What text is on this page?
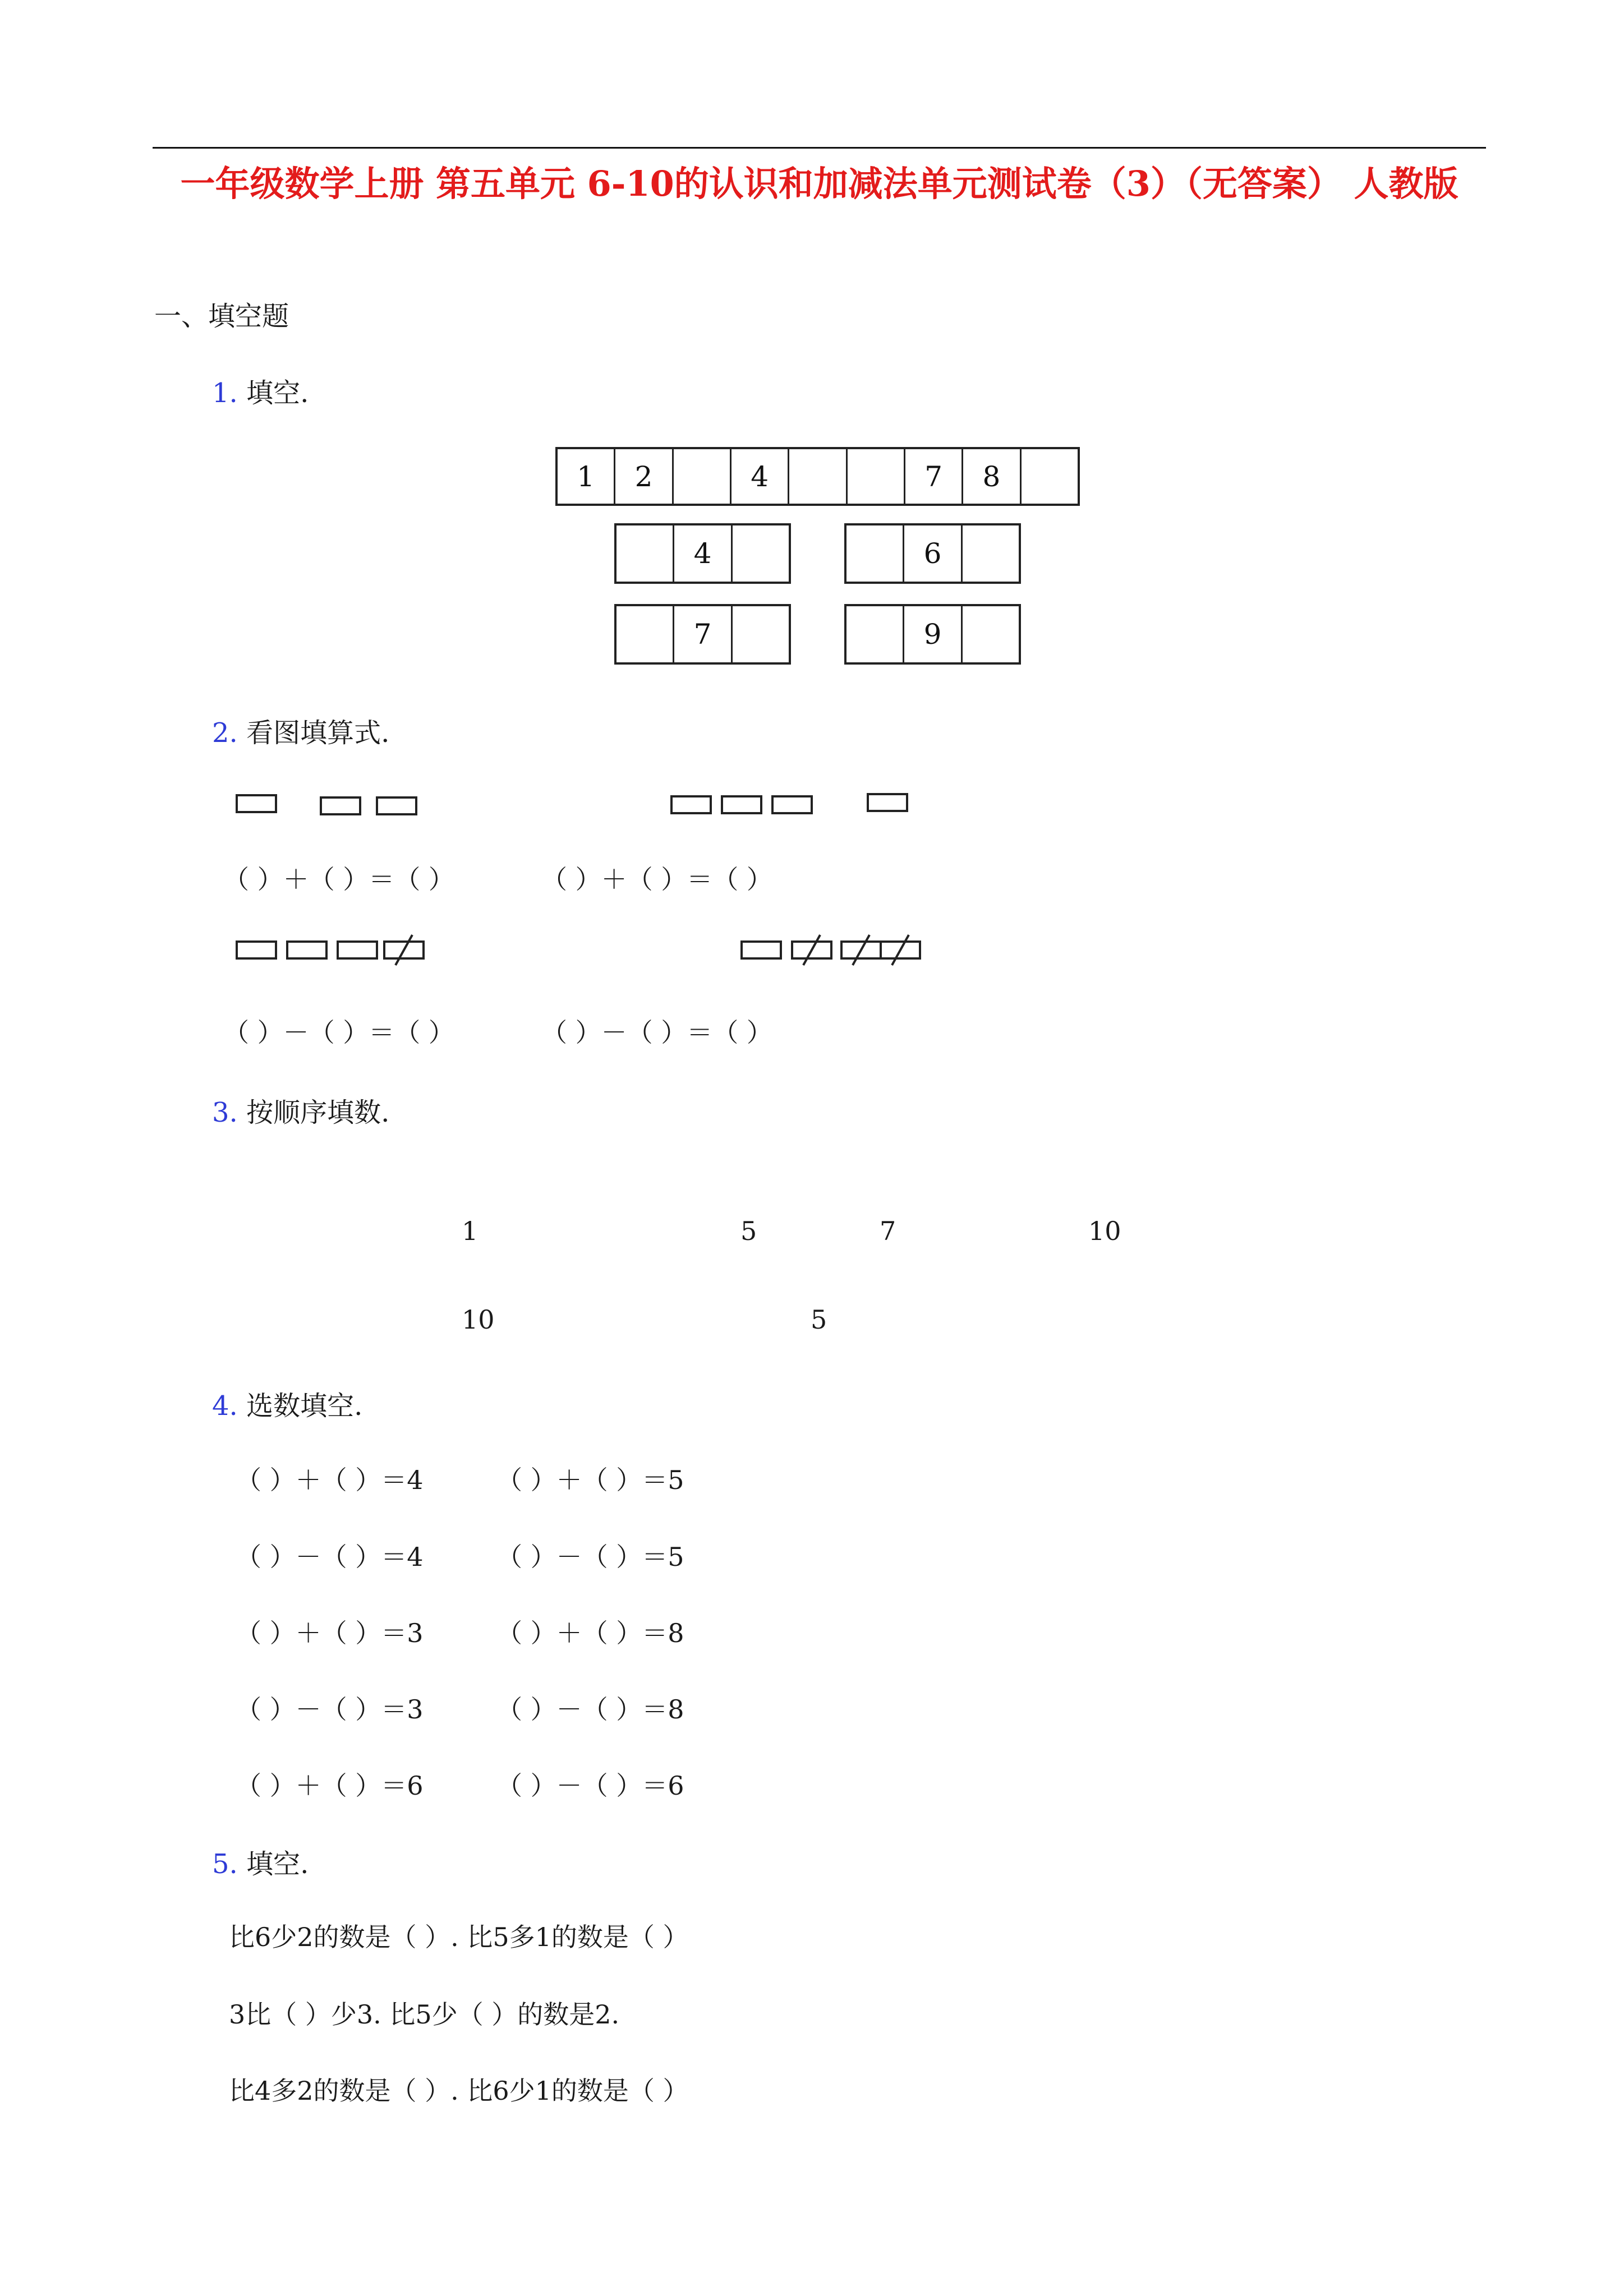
一年级数学上册 第五单元 6-10的认识和加减法单元测试卷（3）（无答案） 人教版
一、填空题
1. 填空.
1	2	4	7	8
4	6
7	9
2. 看图填算式.
（ ）＋（ ）＝（ ）	（ ）＋（ ）＝（ ）
（ ）－（ ）＝（ ）	（ ）－（ ）＝（ ）
3. 按顺序填数.
1	5	7	10
10	5
4. 选数填空.
（ ）＋（ ）＝4	（ ）＋（ ）＝5
（ ）－（ ）＝4	（ ）－（ ）＝5
（ ）＋（ ）＝3	（ ）＋（ ）＝8
（ ）－（ ）＝3	（ ）－（ ）＝8
（ ）＋（ ）＝6	（ ）－（ ）＝6
5. 填空.
比6少2的数是（ ）. 比5多1的数是（ ）
3比（ ）少3. 比5少（ ）的数是2.
比4多2的数是（ ）. 比6少1的数是（ ）
